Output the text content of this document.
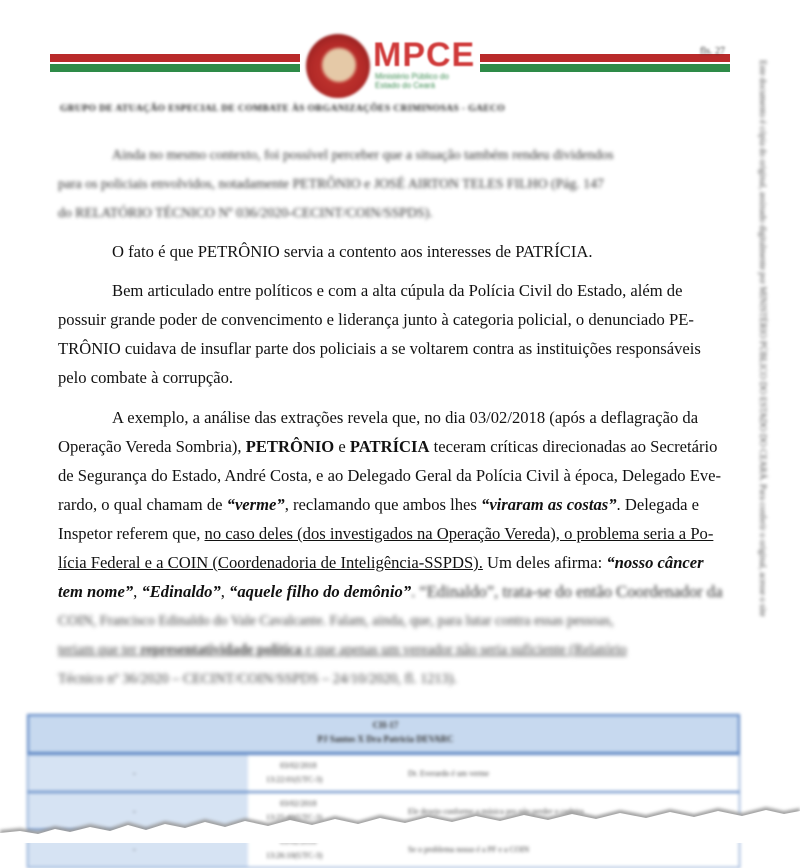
MPCE
Ministério Público do Estado do Ceará
fls. 27
GRUPO DE ATUAÇÃO ESPECIAL DE COMBATE ÀS ORGANIZAÇÕES CRIMINOSAS - GAECO	Este documento é cópia do original, assinado digitalmente por MINISTÉRIO PÚBLICO DO ESTADO DO CEARÁ. Para conferir o original, acesse o site
Ainda no mesmo contexto, foi possível perceber que a situação também rendeu dividendos
para os policiais envolvidos, notadamente PETRÔNIO e JOSÉ AIRTON TELES FILHO (Pág. 147
do RELATÓRIO TÉCNICO Nº 036/2020-CECINT/COIN/SSPDS).
O fato é que PETRÔNIO servia a contento aos interesses de PATRÍCIA.
Bem articulado entre políticos e com a alta cúpula da Polícia Civil do Estado, além de
possuir grande poder de convencimento e liderança junto à categoria policial, o denunciado PE-
TRÔNIO cuidava de insuflar parte dos policiais a se voltarem contra as instituições responsáveis
pelo combate à corrupção.
A exemplo, a análise das extrações revela que, no dia 03/02/2018 (após a deflagração da
Operação Vereda Sombria), PETRÔNIO e PATRÍCIA teceram críticas direcionadas ao Secretário
de Segurança do Estado, André Costa, e ao Delegado Geral da Polícia Civil à época, Delegado Eve-
rardo, o qual chamam de “verme”, reclamando que ambos lhes “viraram as costas”. Delegada e
Inspetor referem que, no caso deles (dos investigados na Operação Vereda), o problema seria a Po-
lícia Federal e a COIN (Coordenadoria de Inteligência-SSPDS). Um deles afirma: “nosso câncer
tem nome”, “Edinaldo”, “aquele filho do demônio”. “Edinaldo”, trata-se do então Coordenador da
COIN, Francisco Edinaldo do Vale Cavalcante. Falam, ainda, que, para lutar contra essas pessoas,
teriam que ter representatividade política e que apenas um vereador não seria suficiente (Relatório
Técnico nº 36/2020 – CECINT/COIN/SSPDS – 24/10/2020, fl. 1213).
CH-17
PJ Santos X Dra Patricia DEVARC
-
03/02/2018
13:22:01(UTC-3)
Dr. Everardo é um verme
-
03/02/2018
13:25:40(UTC-3)
Ele desejo conforme a música pro não perder o cadeira
-
13:26:10(UTC-3)
Se o problema nosso é a PF e a COIN
